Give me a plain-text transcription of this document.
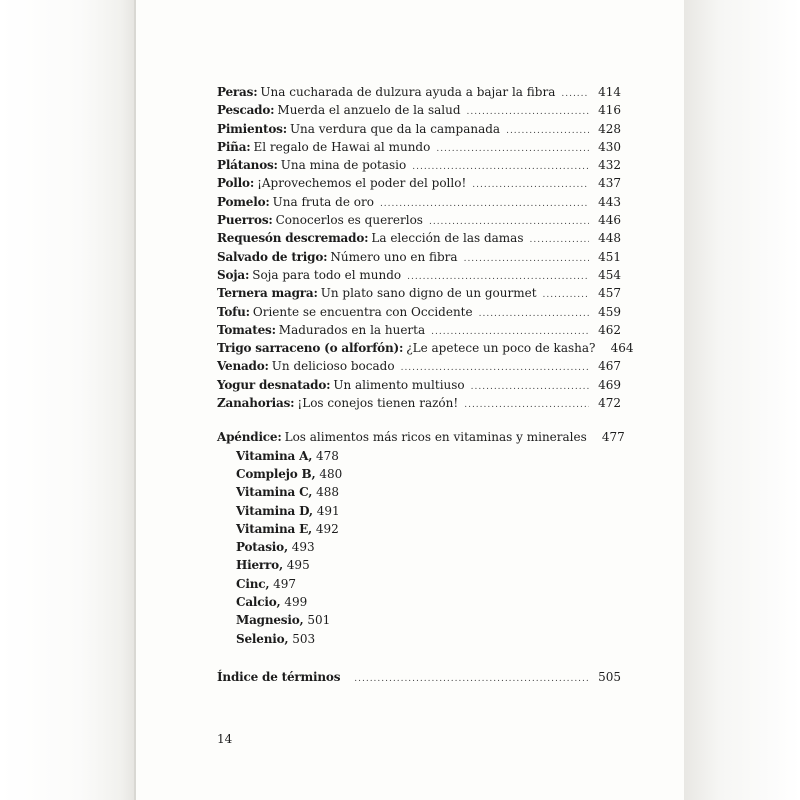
Peras: Una cucharada de dulzura ayuda a bajar la fibra .....	414
Pescado: Muerda el anzuelo de la salud .....	416
Pimientos: Una verdura que da la campanada .....	428
Piña: El regalo de Hawai al mundo .....	430
Plátanos: Una mina de potasio .....	432
Pollo: ¡Aprovechemos el poder del pollo! .....	437
Pomelo: Una fruta de oro .....	443
Puerros: Conocerlos es quererlos .....	446
Requesón descremado: La elección de las damas .....	448
Salvado de trigo: Número uno en fibra .....	451
Soja: Soja para todo el mundo .....	454
Ternera magra: Un plato sano digno de un gourmet .....	457
Tofu: Oriente se encuentra con Occidente .....	459
Tomates: Madurados en la huerta .....	462
Trigo sarraceno (o alforfón): ¿Le apetece un poco de kasha? 464
Venado: Un delicioso bocado .....	467
Yogur desnatado: Un alimento multiuso .....	469
Zanahorias: ¡Los conejos tienen razón! .....	472
Apéndice: Los alimentos más ricos en vitaminas y minerales 477
Vitamina A, 478
Complejo B, 480
Vitamina C, 488
Vitamina D, 491
Vitamina E, 492
Potasio, 493
Hierro, 495
Cinc, 497
Calcio, 499
Magnesio, 501
Selenio, 503
Índice de términos .....	505
14
